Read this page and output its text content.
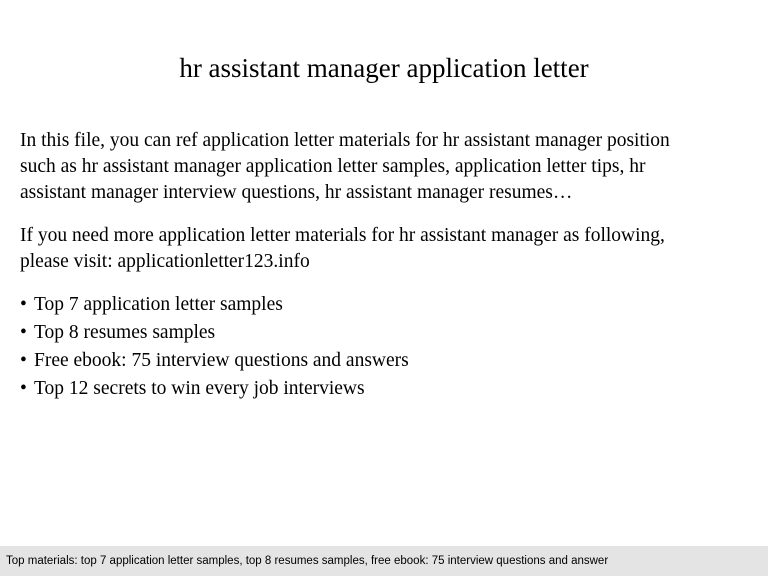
hr assistant manager application letter
In this file, you can ref application letter materials for hr assistant manager position
such as hr assistant manager application letter samples, application letter tips, hr
assistant manager interview questions, hr assistant manager resumes…
If you need more application letter materials for hr assistant manager as following,
please visit: applicationletter123.info
• Top 7 application letter samples
• Top 8 resumes samples
• Free ebook: 75 interview questions and answers
• Top 12 secrets to win every job interviews
Top materials: top 7 application letter samples, top 8 resumes samples, free ebook: 75 interview questions and answer
